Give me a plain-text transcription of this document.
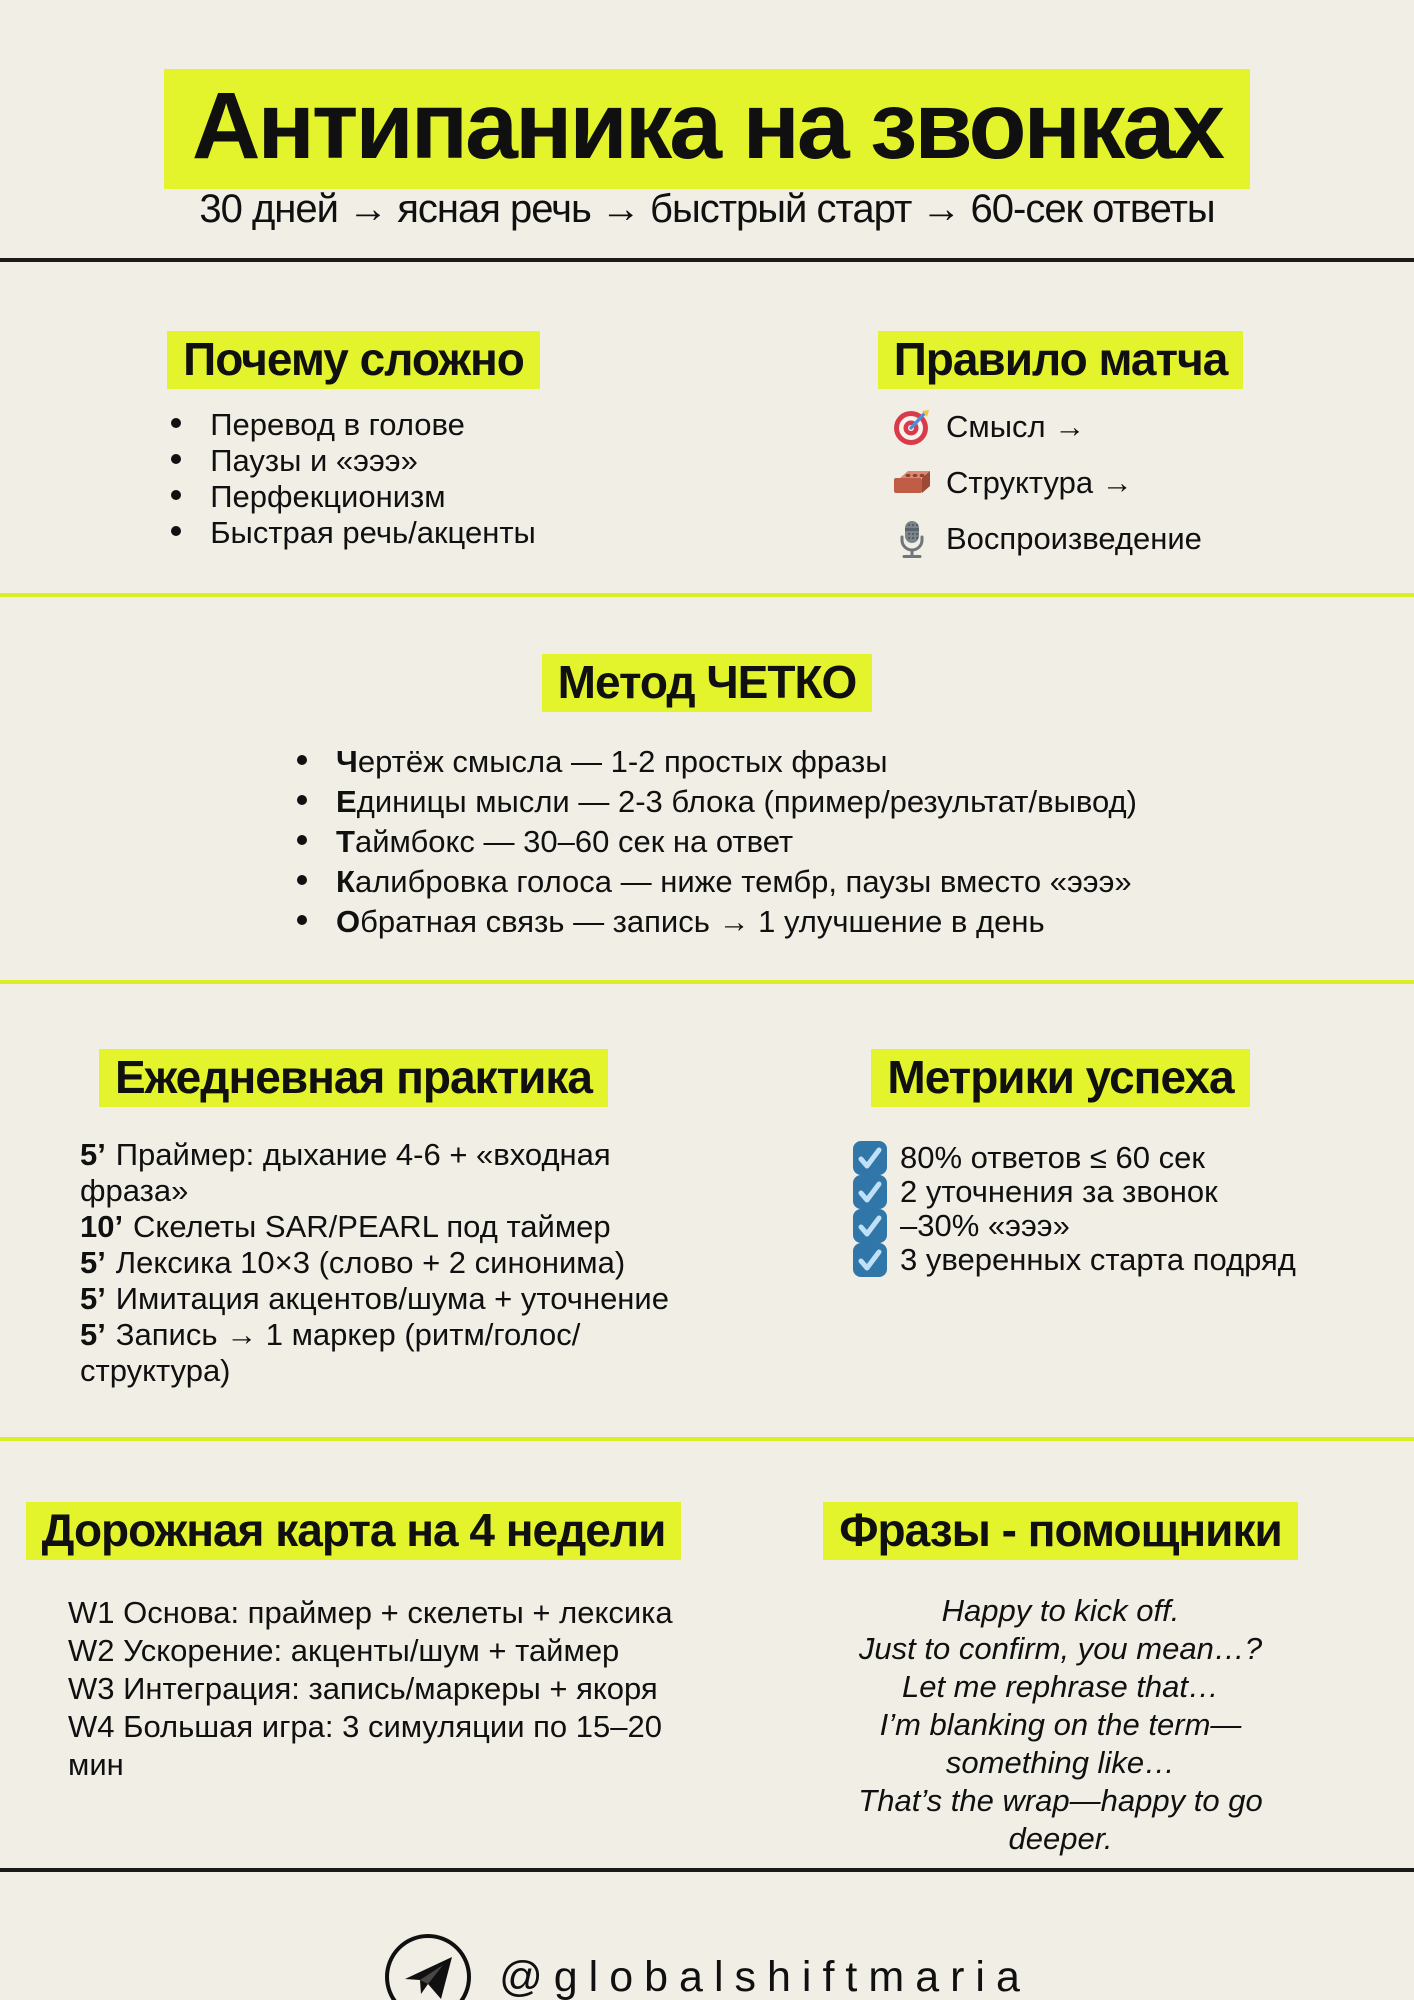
Антипаника на звонках
30 дней → ясная речь → быстрый старт → 60-сек ответы
Почему сложно
Перевод в голове
Паузы и «эээ»
Перфекционизм
Быстрая речь/акценты
Правило матча
Смысл →
Структура →
Воспроизведение
Метод ЧЕТКО
Чертёж смысла — 1-2 простых фразы
Единицы мысли — 2-3 блока (пример/результат/вывод)
Таймбокс — 30–60 сек на ответ
Калибровка голоса — ниже тембр, паузы вместо «эээ»
Обратная связь — запись → 1 улучшение в день
Ежедневная практика
5’ Праймер: дыхание 4-6 + «входная фраза»
10’ Скелеты SAR/PEARL под таймер
5’ Лексика 10×3 (слово + 2 синонима)
5’ Имитация акцентов/шума + уточнение
5’ Запись → 1 маркер (ритм/голос/структура)
Метрики успеха
80% ответов ≤ 60 сек
2 уточнения за звонок
–30% «эээ»
3 уверенных старта подряд
Дорожная карта на 4 недели
W1 Основа: праймер + скелеты + лексика
W2 Ускорение: акценты/шум + таймер
W3 Интеграция: запись/маркеры + якоря
W4 Большая игра: 3 симуляции по 15–20 мин
Фразы - помощники
Happy to kick off.
Just to confirm, you mean…?
Let me rephrase that…
I’m blanking on the term—
something like…
That’s the wrap—happy to go
deeper.
@globalshiftmaria
